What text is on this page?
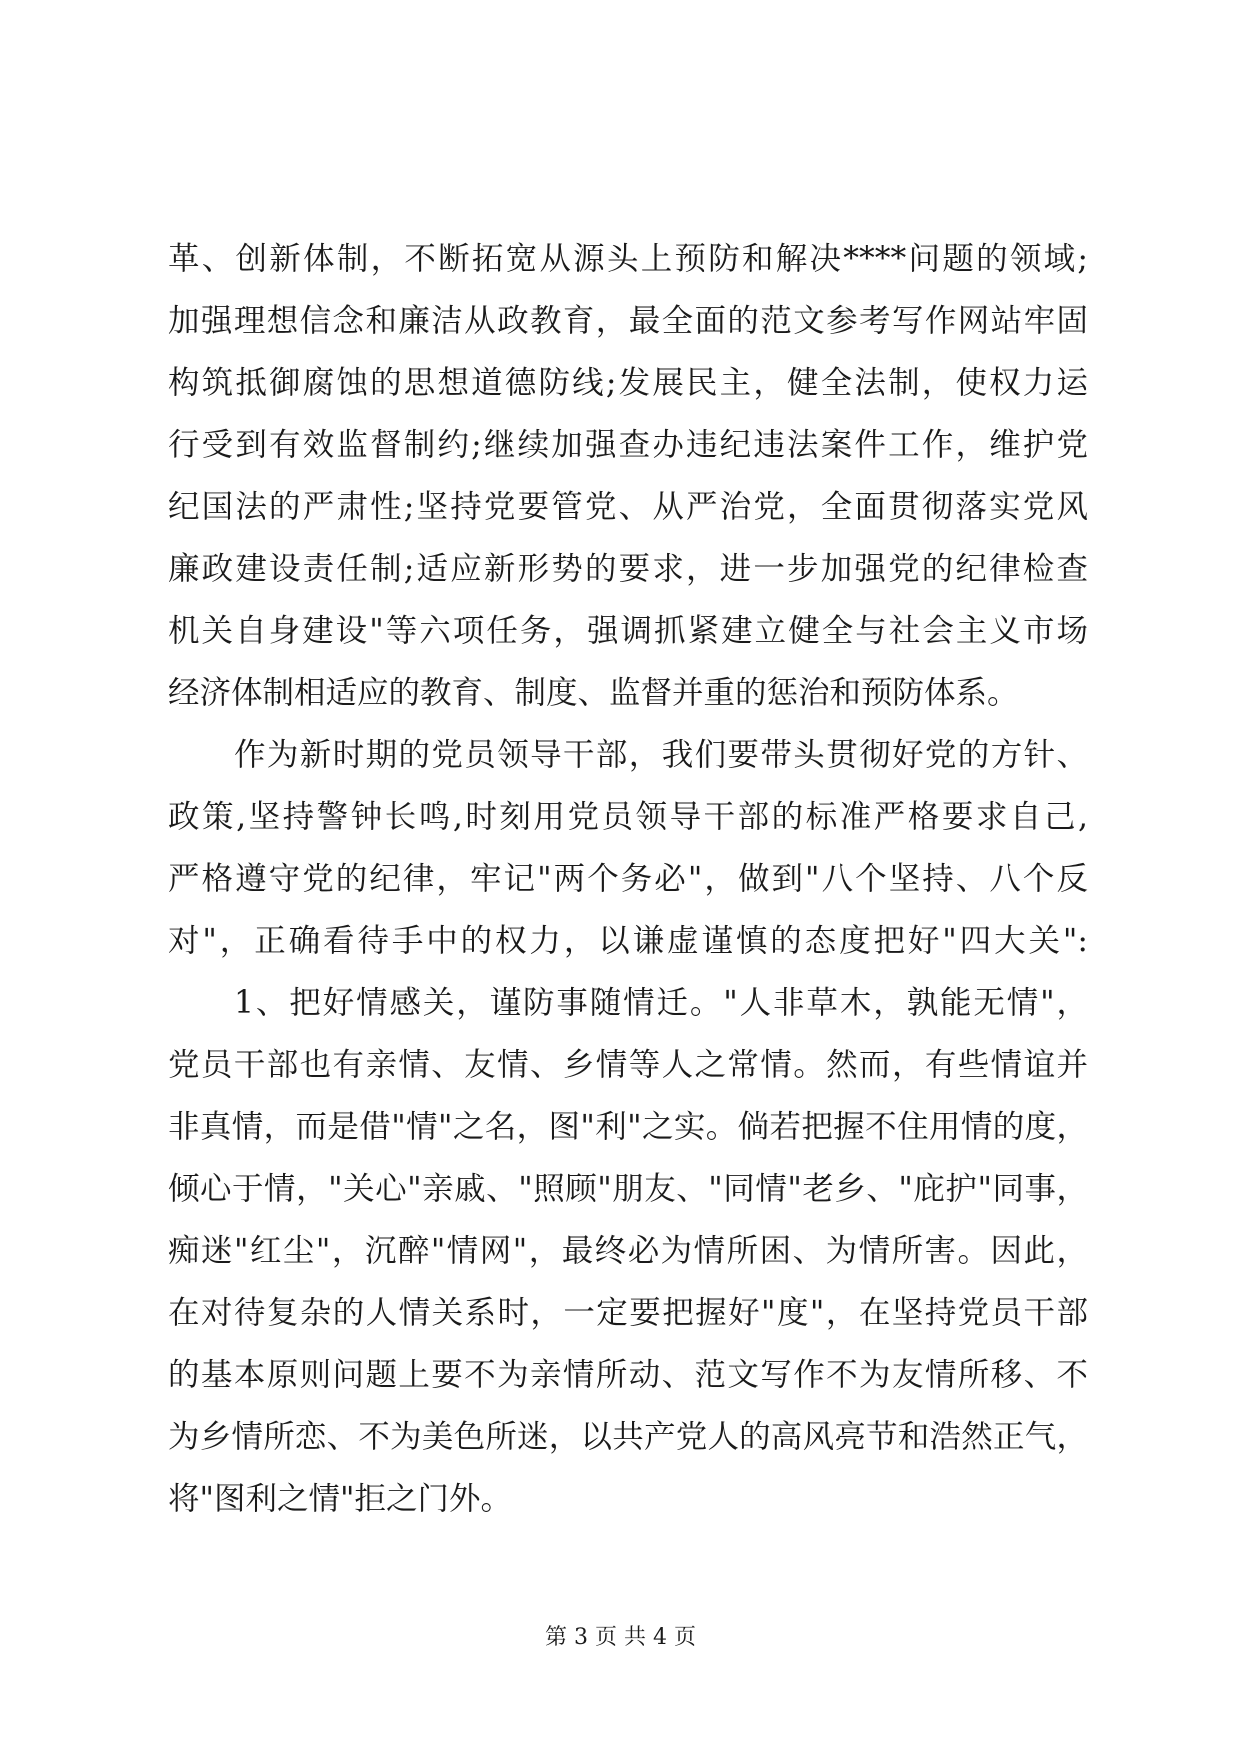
革、创新体制，不断拓宽从源头上预防和解决****问题的领域;
加强理想信念和廉洁从政教育，最全面的范文参考写作网站牢固
构筑抵御腐蚀的思想道德防线;发展民主，健全法制，使权力运
行受到有效监督制约;继续加强查办违纪违法案件工作，维护党
纪国法的严肃性;坚持党要管党、从严治党，全面贯彻落实党风
廉政建设责任制;适应新形势的要求，进一步加强党的纪律检查
机关自身建设"等六项任务，强调抓紧建立健全与社会主义市场
经济体制相适应的教育、制度、监督并重的惩治和预防体系。
作为新时期的党员领导干部，我们要带头贯彻好党的方针、
政策,坚持警钟长鸣,时刻用党员领导干部的标准严格要求自己,
严格遵守党的纪律，牢记"两个务必"，做到"八个坚持、八个反
对"，正确看待手中的权力，以谦虚谨慎的态度把好"四大关":
1、把好情感关，谨防事随情迁。"人非草木，孰能无情"，
党员干部也有亲情、友情、乡情等人之常情。然而，有些情谊并
非真情，而是借"情"之名，图"利"之实。倘若把握不住用情的度，
倾心于情，"关心"亲戚、"照顾"朋友、"同情"老乡、"庇护"同事，
痴迷"红尘"，沉醉"情网"，最终必为情所困、为情所害。因此，
在对待复杂的人情关系时，一定要把握好"度"，在坚持党员干部
的基本原则问题上要不为亲情所动、范文写作不为友情所移、不
为乡情所恋、不为美色所迷，以共产党人的高风亮节和浩然正气，
将"图利之情"拒之门外。
第 3 页 共 4 页
